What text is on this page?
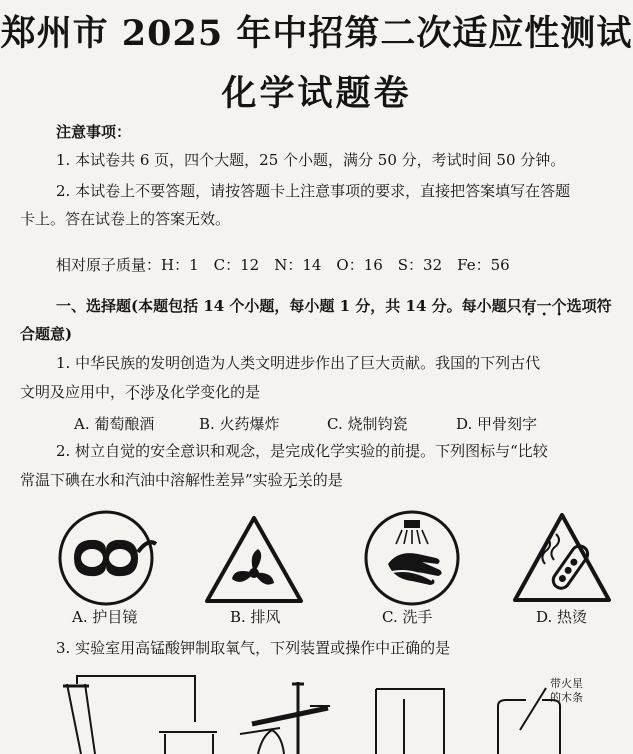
郑州市 2025 年中招第二次适应性测试
化学试题卷
注意事项：
1. 本试卷共 6 页，四个大题，25 个小题，满分 50 分，考试时间 50 分钟。
2. 本试卷上不要答题，请按答题卡上注意事项的要求，直接把答案填写在答题
卡上。答在试卷上的答案无效。
相对原子质量：H：1　C：12　N：14　O：16　S：32　Fe：56
一、选择题(本题包括 14 个小题，每小题 1 分，共 14 分。每小题只有一个选项符
合题意)
1. 中华民族的发明创造为人类文明进步作出了巨大贡献。我国的下列古代
文明及应用中，不涉及化学变化的是
A. 葡萄酿酒	B. 火药爆炸	C. 烧制钧瓷	D. 甲骨刻字
2. 树立自觉的安全意识和观念，是完成化学实验的前提。下列图标与“比较
常温下碘在水和汽油中溶解性差异”实验无关的是
A. 护目镜	B. 排风	C. 洗手	D. 热烫
3. 实验室用高锰酸钾制取氧气，下列装置或操作中正确的是
带火星
的木条
